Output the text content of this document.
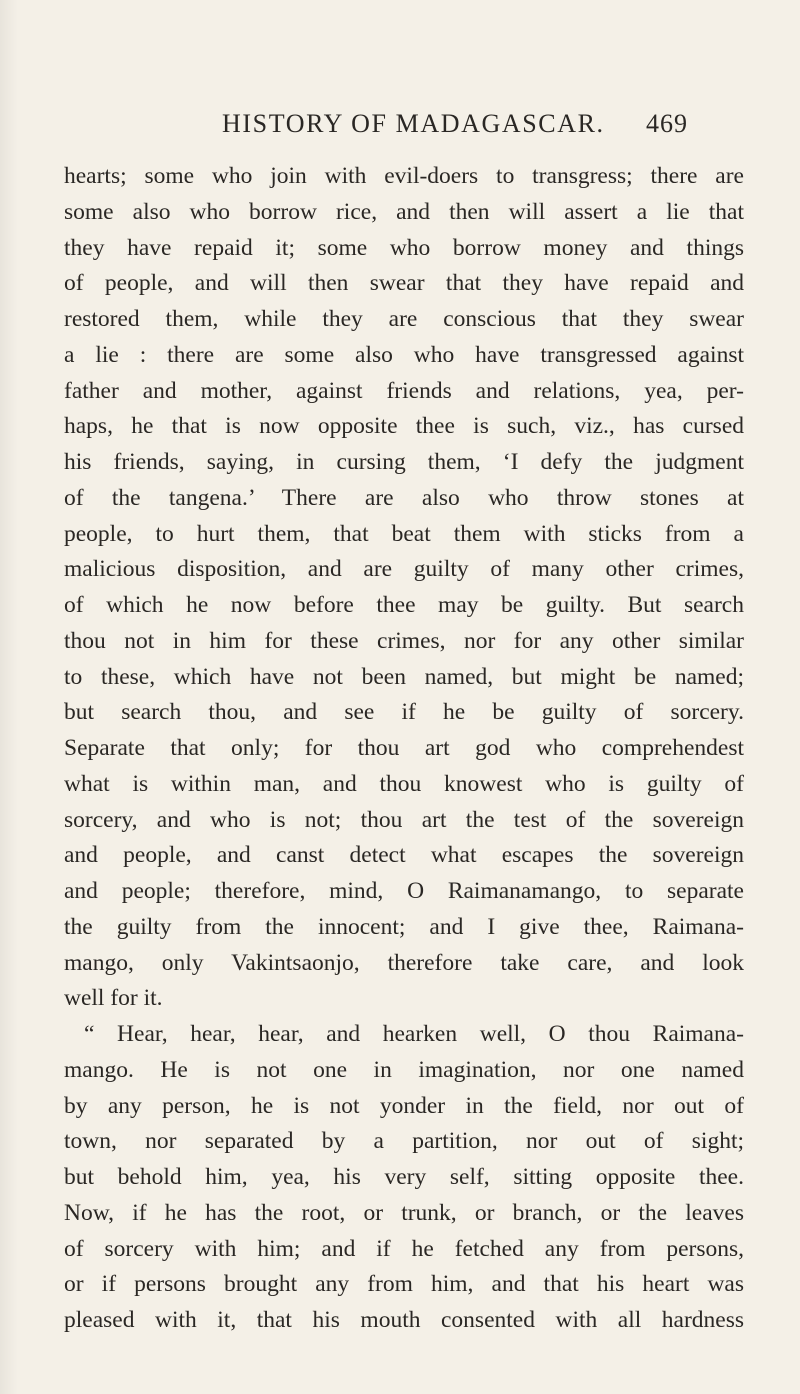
HISTORY OF MADAGASCAR. 469
hearts; some who join with evil-doers to transgress; there are
some also who borrow rice, and then will assert a lie that
they have repaid it; some who borrow money and things
of people, and will then swear that they have repaid and
restored them, while they are conscious that they swear
a lie : there are some also who have transgressed against
father and mother, against friends and relations, yea, per-
haps, he that is now opposite thee is such, viz., has cursed
his friends, saying, in cursing them, ‘I defy the judgment
of the tangena.’ There are also who throw stones at
people, to hurt them, that beat them with sticks from a
malicious disposition, and are guilty of many other crimes,
of which he now before thee may be guilty. But search
thou not in him for these crimes, nor for any other similar
to these, which have not been named, but might be named;
but search thou, and see if he be guilty of sorcery.
Separate that only; for thou art god who comprehendest
what is within man, and thou knowest who is guilty of
sorcery, and who is not; thou art the test of the sovereign
and people, and canst detect what escapes the sovereign
and people; therefore, mind, O Raimanamango, to separate
the guilty from the innocent; and I give thee, Raimana-
mango, only Vakintsaonjo, therefore take care, and look
well for it.
“ Hear, hear, hear, and hearken well, O thou Raimana-
mango. He is not one in imagination, nor one named
by any person, he is not yonder in the field, nor out of
town, nor separated by a partition, nor out of sight;
but behold him, yea, his very self, sitting opposite thee.
Now, if he has the root, or trunk, or branch, or the leaves
of sorcery with him; and if he fetched any from persons,
or if persons brought any from him, and that his heart was
pleased with it, that his mouth consented with all hardness
